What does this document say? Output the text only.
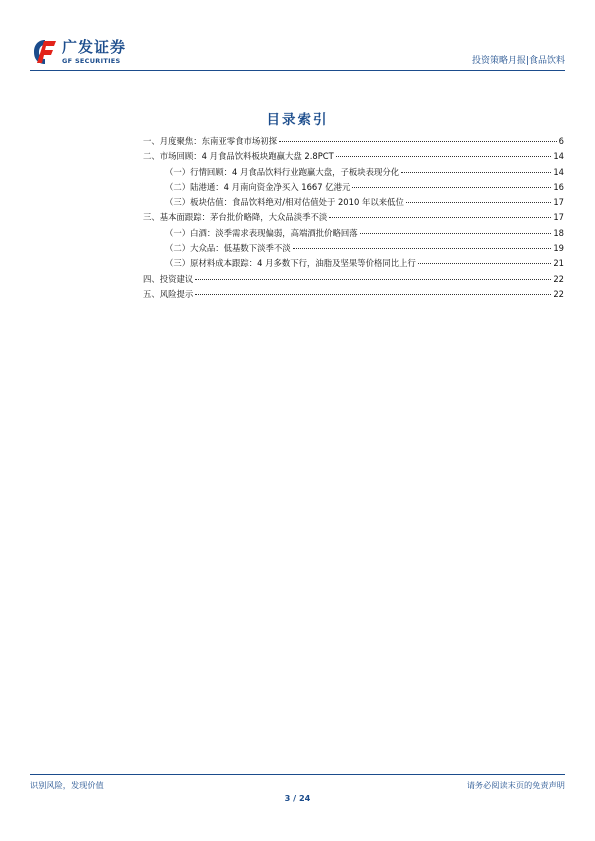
广发证券
GF SECURITIES	投资策略月报|食品饮料
目录索引
一、月度聚焦：东南亚零食市场初探	6
二、市场回顾：4 月食品饮料板块跑赢大盘 2.8PCT	14
（一）行情回顾：4 月食品饮料行业跑赢大盘，子板块表现分化	14
（二）陆港通：4 月南向资金净买入 1667 亿港元	16
（三）板块估值：食品饮料绝对/相对估值处于 2010 年以来低位	17
三、基本面跟踪：茅台批价略降，大众品淡季不淡	17
（一）白酒：淡季需求表现偏弱，高端酒批价略回落	18
（二）大众品：低基数下淡季不淡	19
（三）原材料成本跟踪：4 月多数下行，油脂及坚果等价格同比上行	21
四、投资建议	22
五、风险提示	22
识别风险，发现价值	请务必阅读末页的免责声明
3 / 24
